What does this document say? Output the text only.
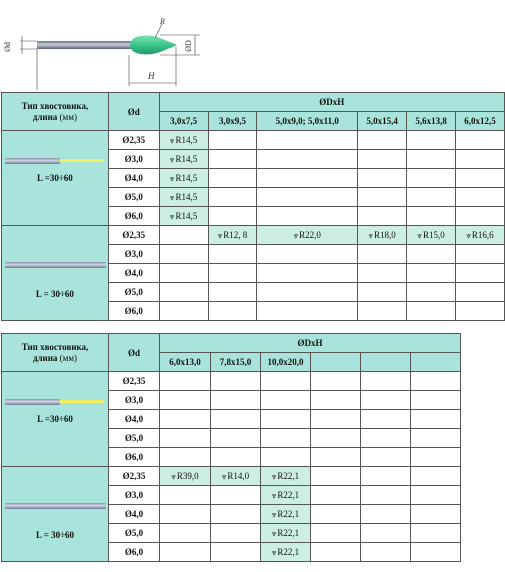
Ød	ØD
R
H
Тип хвостовика,
длина (мм)	Ød	ØDxH					
		3,0x7,5	3,0x9,5	5,0x9,0; 5,0x11,0	5,0x15,4	5,6x13,8	6,0x12,5

L =30÷60	Ø2,35	⩔R14,5					
	Ø3,0	⩔R14,5					
	Ø4,0	⩔R14,5					
	Ø5,0	⩔R14,5					
	Ø6,0	⩔R14,5					

L = 30÷60	Ø2,35		⩔R12, 8	⩔R22,0	⩔R18,0	⩔R15,0	⩔R16,6
	Ø3,0						
	Ø4,0						
	Ø5,0						
	Ø6,0						
Тип хвостовика,
длина (мм)	Ød	ØDxH					
		6,0x13,0	7,8x15,0	10,0x20,0			

L =30÷60	Ø2,35						
	Ø3,0						
	Ø4,0						
	Ø5,0						
	Ø6,0						

L = 30÷60	Ø2,35	⩔R39,0	⩔R14,0	⩔R22,1			
	Ø3,0			⩔R22,1			
	Ø4,0			⩔R22,1			
	Ø5,0			⩔R22,1			
	Ø6,0			⩔R22,1			
